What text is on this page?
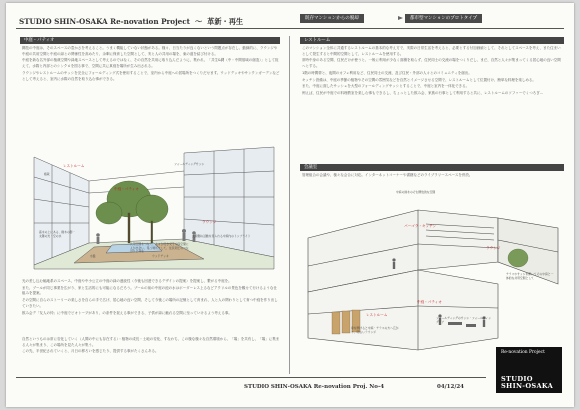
STUDIO SHIN-OSAKA Re-novation Project ～ 革新・再生	既存マンションからの脱却	都市型マンションのプロトタイプ
中庭・パティオ

闘技の中庭は、そのスペースの豊かさを考えること。うまく機能していない状態がある。様々、日当たりが良くないという問題点が存在し、動線的に、ラウンジや中庭の共用空間と中庭の緑との関係性を高めたり、余剰に保育した空間として、実と人の共用の場を、東の道を結び付ける。

中庭を新な名外部の植栽空間や緑地スペースとして考えるのではなく、その自然を共用に取り込んだように、集われ、「共生&潤（中・中間領域の創造）」として捉えて、水際と内部とのシンクロを図る事で、空間に共に真庭を場所が生み出される。

ラウンジやレストルームのサッシを完全にフォールディング式を使用することで、室内から中庭への居場所をつくりだせます。ウッドデッキやサンクンガーデンなどとして考えると、室内に水際の自然を取り込む事ができる。

レストルーム
ラウンジ
中庭・パティオ
フォールディングサッシ
植栽
水盤	ウッドデッキ
高木の上にある、樹木の影・太陽の光・空の水	人間側の活動を見られる中庭内のトップライト
共用空間をつなぐ、人々が行き交う中庭空間に人が出会い、集う場所として、住民同士のつながりと共生

光の差し込む幅地系のスペース、中庭や中小公立の中庭の緑の連続性（今後も回遊できるデザインの提案）を提案し、繋がる中庭を。

また、ブールが同じ事業を広がり、家と生活的にも可能になるだろう。ブールの前の中庭の池の水はボーダーレス上るなどアクリルの景色を観せて行けるような仕組みを提案。

その空間に自らのストーリーの楽しさを自らの手で広げ、居心地の良い空間、そして今後この場所の記憶として育まれ、人と人の関わりとして育つ中庭を作り出していきたい。

飲み会デ「友人の仲」に中庭でビオトープがあり、の条件を捉える事ができる、子供が緑に触れる空間に至っていけるよう考える事。

自然というものは常に変化していく（人間の中にも存在する）・植物の成長・土地の変化、すなわち、この様な様々な自然環境から、「場」を共有し、「場」に集まる人々が集まり、この場所を見た人々が集う。

この先、半世紀されていくと、月日の移ろいを感じたり、提供する事がたくさんある。

レストルーム

このマンション全体に共通するレストルームの基本的な考え方で、実際の日常生活を考えると、必要とする付加価値として、それとしてスペースを考え、また住まいとして発生すると中間的空間として、レストルームを使用する。

常時中身のある空間、住民だけが使うと、一般に利用が少なく面積を取らず、住民同士の交流の場をつくりだし、まだ、自然と人々が集まってくる居心地の良い空間へとする。

1階の時間帯と、夜間のカフェ利用など、住民同士の交流、及び住民・外部の人々とのコミュニティを創出。

キッチン設備は、中庭の季節の植物やその空間の雰囲気などを自然とイメージさせる空間で、レストルームとして位置付け、簡単な料理を楽しめる。

また、中庭に面したサッシュを大型のフォールディングサッシとすることで、中庭と室内を一体化できる。

例えば、住民が中庭での料理教室を楽しむ事もできるし、ちょっとした飲み会、家族の行事として利用すると共に、レストルームのソファーでくつろぎ…

会議室

管理組合の会議や、様々な会合に対応。インターネットコーナーや書籍などのライブラリースペースを併設。

中庭の緑をのぞむ開放的な空間
パーゴラ・キッチン
ラウンジ
中庭・パティオ
レストルーム
フォールディングのサッシ・フォールディングドア
テラスやサッシを開いてその中庭と一体的な共用空間として
扉を開けると中庭・テラスの方へ広がり、明るいラウンジ
STUDIO SHIN-OSAKA Re-novation Proj. No-4	04/12/24
Re-novation Project
STUDIO
SHIN-OSAKA
